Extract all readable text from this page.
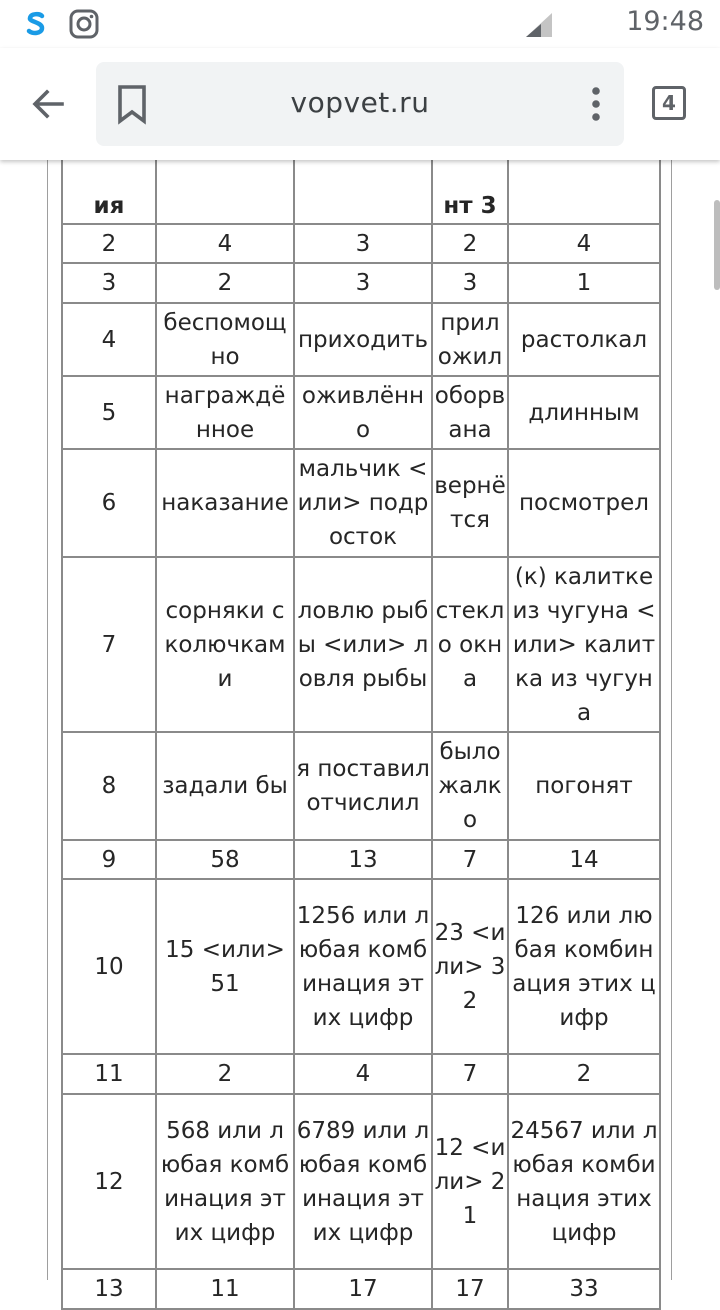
19:48
vopvet.ru	4
ия			нт 3	
2	4	3	2	4
3	2	3	3	1
4	беспомощно	приходить	приложил	растолкал
5	награждённое	оживлённо	оборвана	длинным
6	наказание	мальчик <или> подросток	вернётся	посмотрел
7	сорняки с колючками	ловлю рыбы <или> ловля рыбы	стекло окна	(к) калитке из чугуна <или> калитка из чугуна
8	задали бы	я поставил отчислил	было жалко	погонят
9	58	13	7	14
10	15 <или> 51	1256 или любая комбинация этих цифр	23 <или> 32	126 или любая комбинация этих цифр
11	2	4	7	2
12	568 или любая комбинация этих цифр	6789 или любая комбинация этих цифр	12 <или> 21	24567 или любая комбинация этих цифр
13	11	17	17	33
